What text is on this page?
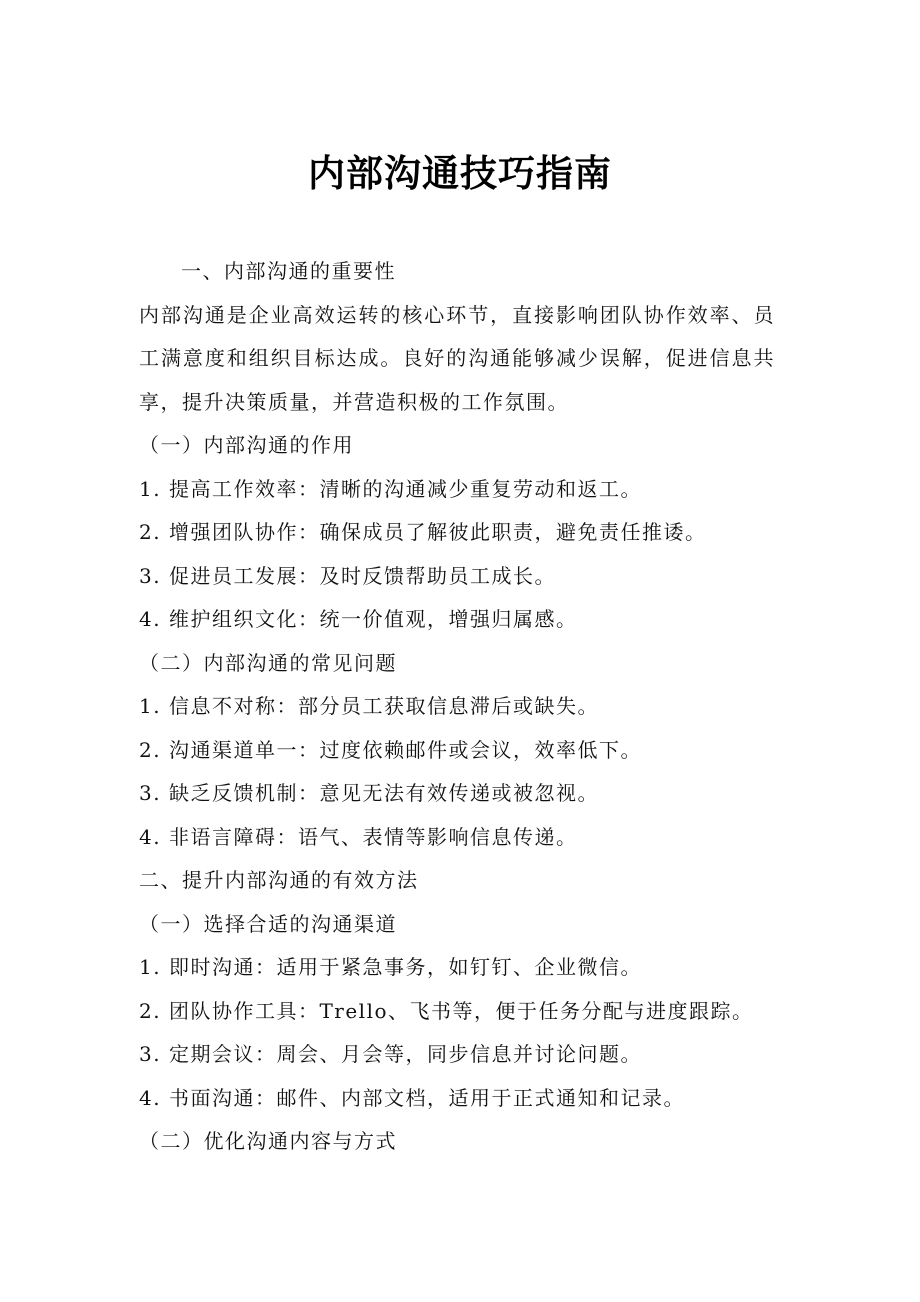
内部沟通技巧指南

一、内部沟通的重要性

内部沟通是企业高效运转的核心环节，直接影响团队协作效率、员工满意度和组织目标达成。良好的沟通能够减少误解，促进信息共享，提升决策质量，并营造积极的工作氛围。

（一）内部沟通的作用

1. 提高工作效率：清晰的沟通减少重复劳动和返工。

2. 增强团队协作：确保成员了解彼此职责，避免责任推诿。

3. 促进员工发展：及时反馈帮助员工成长。

4. 维护组织文化：统一价值观，增强归属感。

（二）内部沟通的常见问题

1. 信息不对称：部分员工获取信息滞后或缺失。

2. 沟通渠道单一：过度依赖邮件或会议，效率低下。

3. 缺乏反馈机制：意见无法有效传递或被忽视。

4. 非语言障碍：语气、表情等影响信息传递。

二、提升内部沟通的有效方法

（一）选择合适的沟通渠道

1. 即时沟通：适用于紧急事务，如钉钉、企业微信。

2. 团队协作工具：Trello、飞书等，便于任务分配与进度跟踪。

3. 定期会议：周会、月会等，同步信息并讨论问题。

4. 书面沟通：邮件、内部文档，适用于正式通知和记录。

（二）优化沟通内容与方式
